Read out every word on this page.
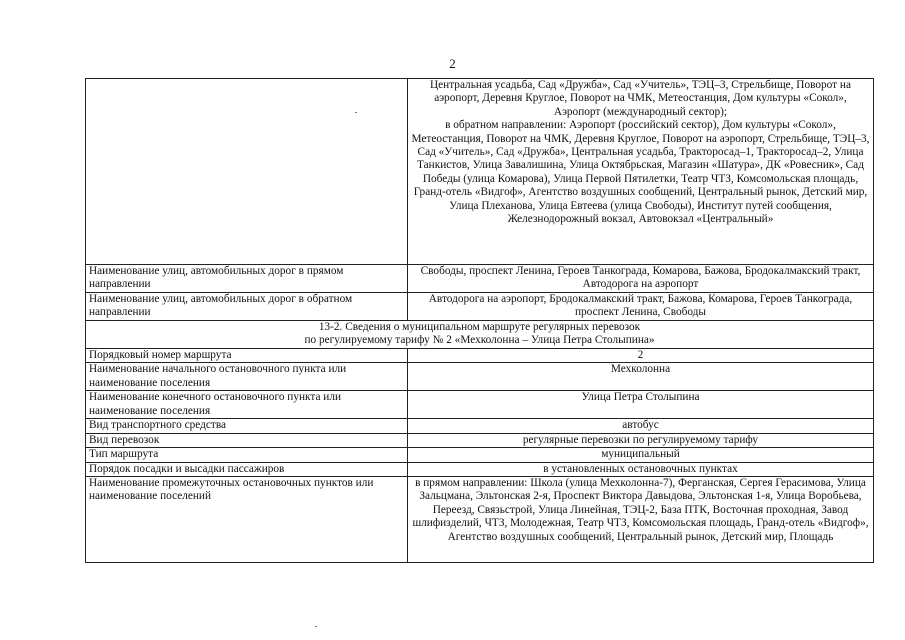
2

	Центральная усадьба, Сад «Дружба», Сад «Учитель», ТЭЦ–3, Стрельбище, Поворот на аэропорт, Деревня Круглое, Поворот на ЧМК, Метеостанция, Дом культуры «Сокол», Аэропорт (международный сектор);
в обратном направлении: Аэропорт (российский сектор), Дом культуры «Сокол», Метеостанция, Поворот на ЧМК, Деревня Круглое, Поворот на аэропорт, Стрельбище, ТЭЦ–3, Сад «Учитель», Сад «Дружба», Центральная усадьба, Тракторосад–1, Тракторосад–2, Улица Танкистов, Улица Завалишина, Улица Октябрьская, Магазин «Шатура», ДК «Ровесник», Сад Победы (улица Комарова), Улица Первой Пятилетки, Театр ЧТЗ, Комсомольская площадь, Гранд-отель «Видгоф», Агентство воздушных сообщений, Центральный рынок, Детский мир, Улица Плеханова, Улица Евтеева (улица Свободы), Институт путей сообщения, Железнодорожный вокзал, Автовокзал «Центральный»

Наименование улиц, автомобильных дорог в прямом направлении	Свободы, проспект Ленина, Героев Танкограда, Комарова, Бажова, Бродокалмакский тракт, Автодорога на аэропорт
Наименование улиц, автомобильных дорог в обратном направлении	Автодорога на аэропорт, Бродокалмакский тракт, Бажова, Комарова, Героев Танкограда, проспект Ленина, Свободы

13-2. Сведения о муниципальном маршруте регулярных перевозок
по регулируемому тарифу № 2 «Мехколонна – Улица Петра Столыпина»	

Порядковый номер маршрута	2
Наименование начального остановочного пункта или наименование поселения	Мехколонна
Наименование конечного остановочного пункта или наименование поселения	Улица Петра Столыпина
Вид транспортного средства	автобус
Вид перевозок	регулярные перевозки по регулируемому тарифу
Тип маршрута	муниципальный
Порядок посадки и высадки пассажиров	в установленных остановочных пунктах
Наименование промежуточных остановочных пунктов или наименование поселений	в прямом направлении: Школа (улица Мехколонна-7), Ферганская, Сергея Герасимова, Улица Зальцмана, Эльтонская 2-я, Проспект Виктора Давыдова, Эльтонская 1-я, Улица Воробьева, Переезд, Связьстрой, Улица Линейная, ТЭЦ-2, База ПТК, Восточная проходная, Завод шлифизделий, ЧТЗ, Молодежная, Театр ЧТЗ, Комсомольская площадь, Гранд-отель «Видгоф», Агентство воздушных сообщений, Центральный рынок, Детский мир, Площадь
